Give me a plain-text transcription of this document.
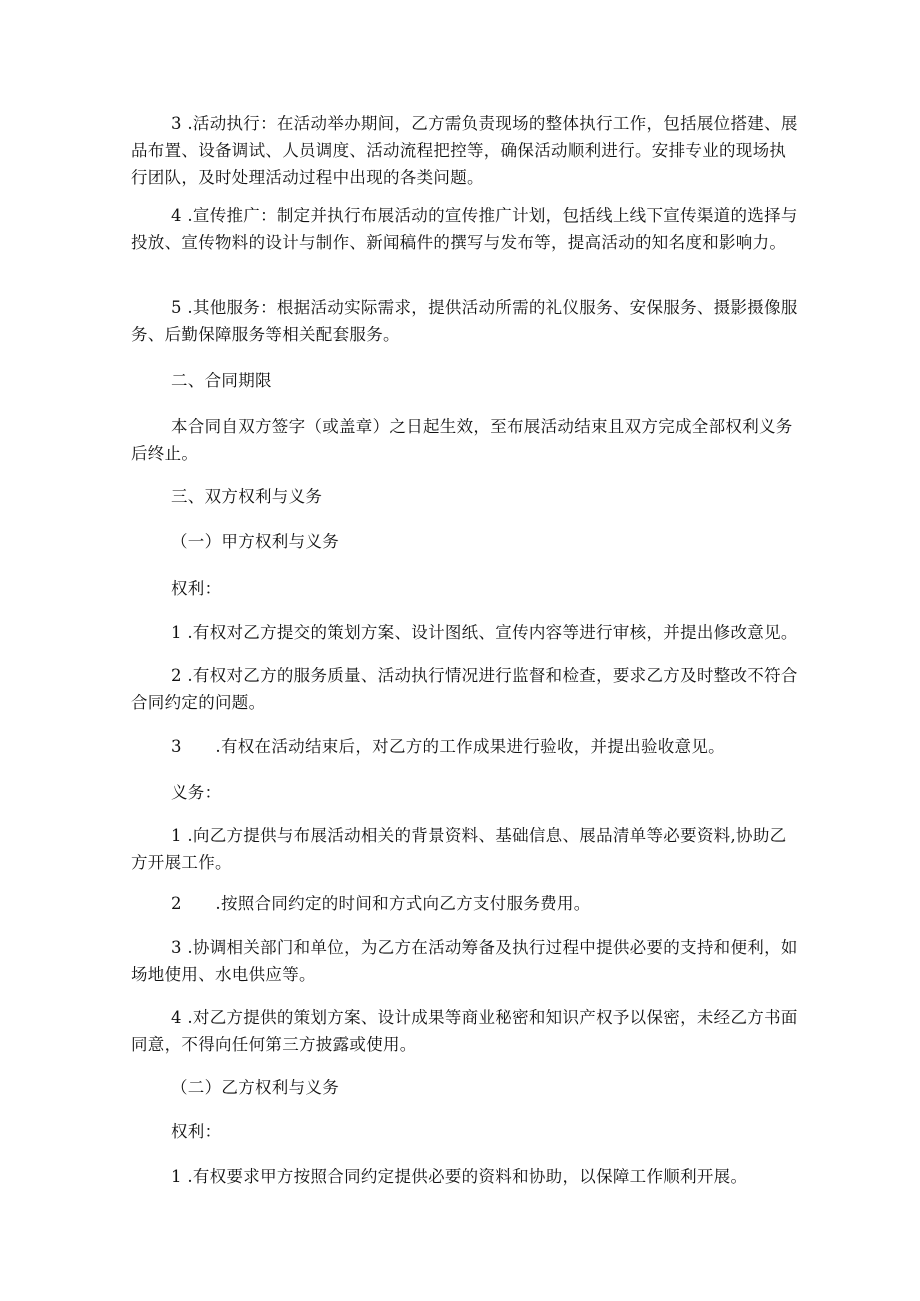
3 .活动执行：在活动举办期间，乙方需负责现场的整体执行工作，包括展位搭建、展品布置、设备调试、人员调度、活动流程把控等，确保活动顺利进行。安排专业的现场执行团队，及时处理活动过程中出现的各类问题。

4 .宣传推广：制定并执行布展活动的宣传推广计划，包括线上线下宣传渠道的选择与投放、宣传物料的设计与制作、新闻稿件的撰写与发布等，提高活动的知名度和影响力。

5 .其他服务：根据活动实际需求，提供活动所需的礼仪服务、安保服务、摄影摄像服务、后勤保障服务等相关配套服务。

二、合同期限

本合同自双方签字（或盖章）之日起生效，至布展活动结束且双方完成全部权利义务后终止。

三、双方权利与义务

（一）甲方权利与义务

权利：

1 .有权对乙方提交的策划方案、设计图纸、宣传内容等进行审核，并提出修改意见。

2 .有权对乙方的服务质量、活动执行情况进行监督和检查，要求乙方及时整改不符合合同约定的问题。

3　　.有权在活动结束后，对乙方的工作成果进行验收，并提出验收意见。

义务：

1 .向乙方提供与布展活动相关的背景资料、基础信息、展品清单等必要资料,协助乙方开展工作。

2　　.按照合同约定的时间和方式向乙方支付服务费用。

3 .协调相关部门和单位，为乙方在活动筹备及执行过程中提供必要的支持和便利，如场地使用、水电供应等。

4 .对乙方提供的策划方案、设计成果等商业秘密和知识产权予以保密，未经乙方书面同意，不得向任何第三方披露或使用。

（二）乙方权利与义务

权利：

1 .有权要求甲方按照合同约定提供必要的资料和协助，以保障工作顺利开展。
